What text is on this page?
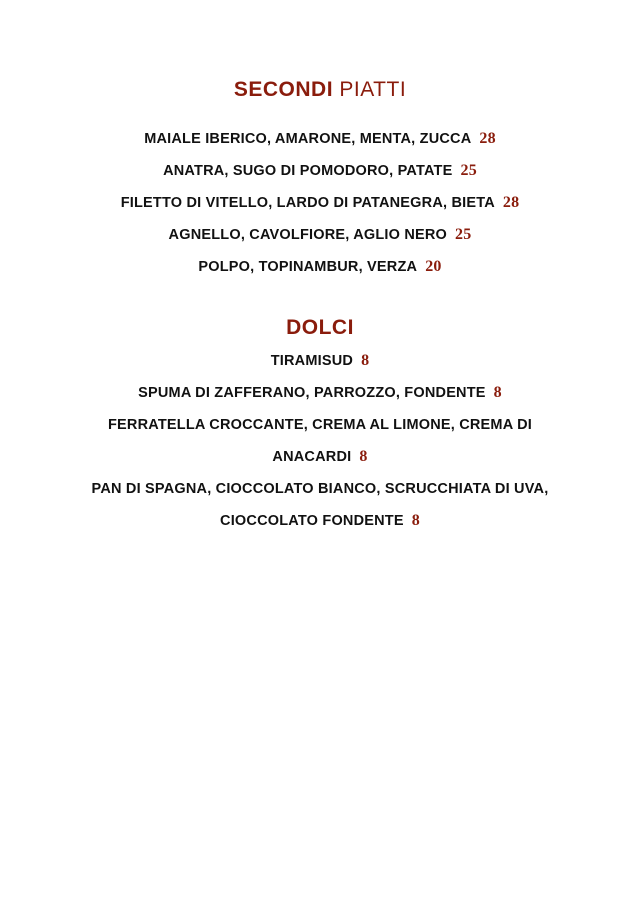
SECONDI PIATTI
MAIALE IBERICO, AMARONE, MENTA, ZUCCA 28
ANATRA, SUGO DI POMODORO, PATATE 25
FILETTO DI VITELLO, LARDO DI PATANEGRA, BIETA 28
AGNELLO, CAVOLFIORE, AGLIO NERO 25
POLPO, TOPINAMBUR, VERZA 20
DOLCI
TIRAMISUD 8
SPUMA DI ZAFFERANO, PARROZZO, FONDENTE 8
FERRATELLA CROCCANTE, CREMA AL LIMONE, CREMA DI
ANACARDI 8
PAN DI SPAGNA, CIOCCOLATO BIANCO, SCRUCCHIATA DI UVA,
CIOCCOLATO FONDENTE 8
